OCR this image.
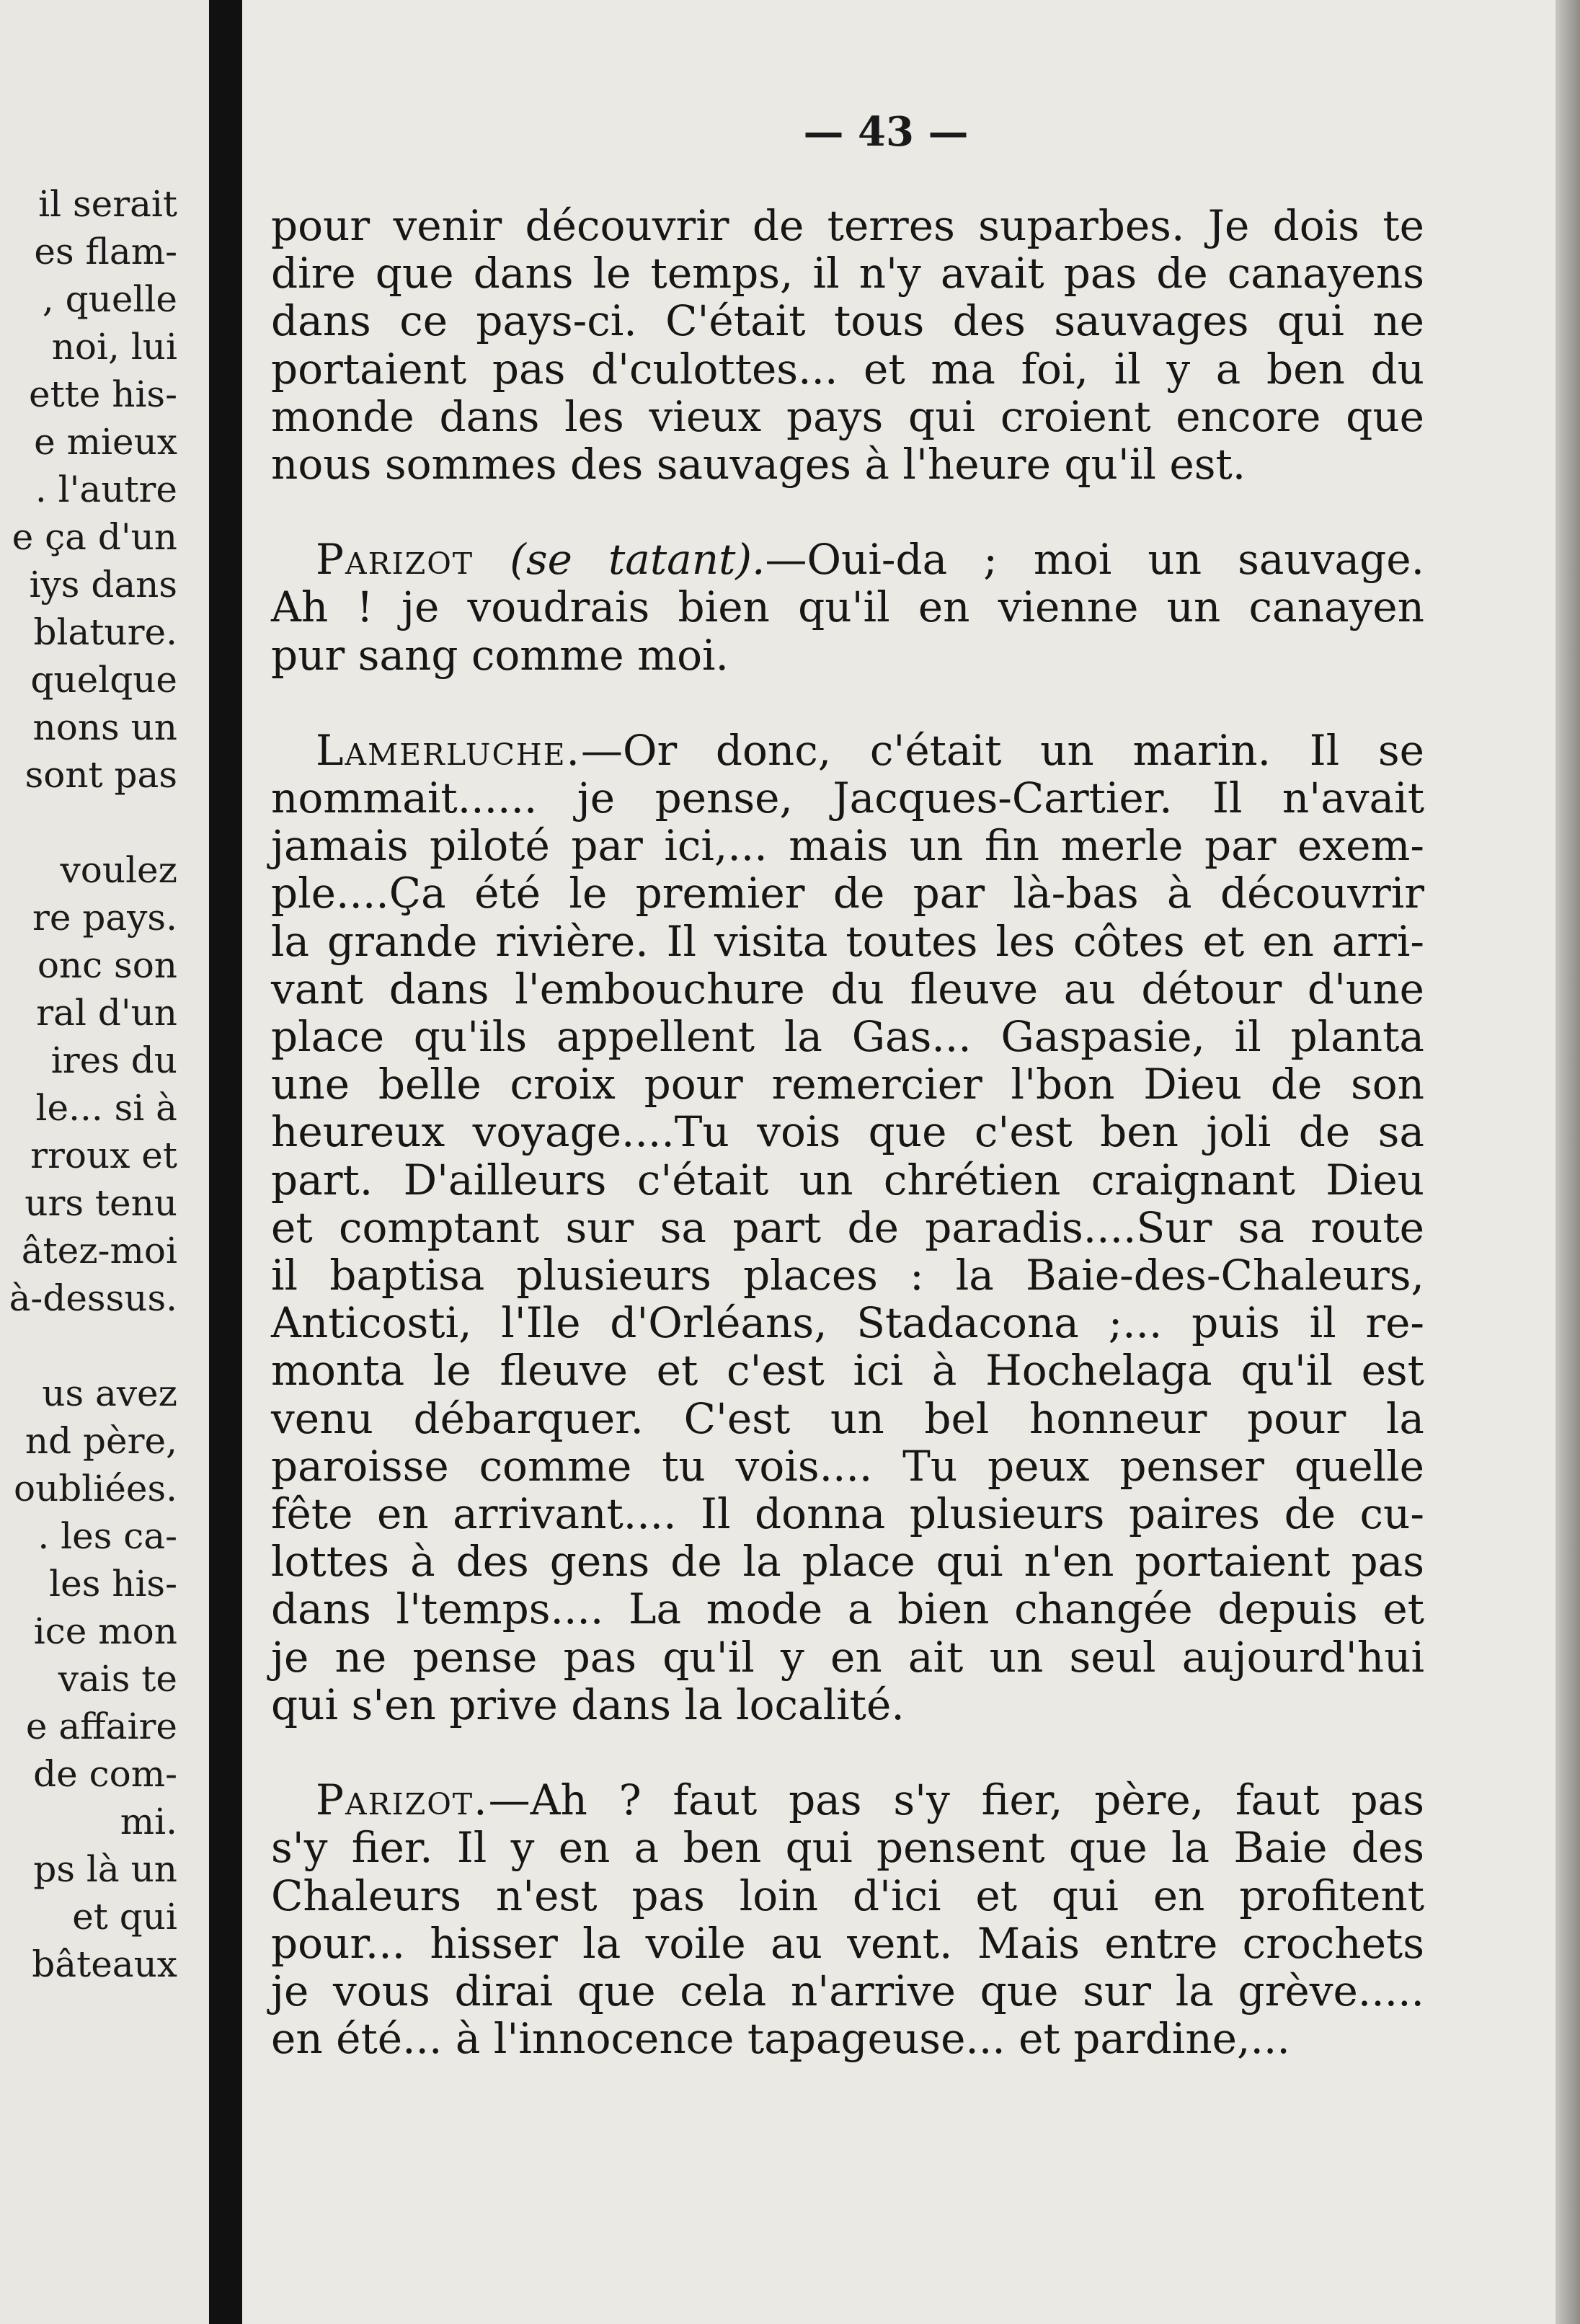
il serait
es flam-
, quelle
noi, lui
ette his-
e mieux
. l'autre
e ça d'un
iys dans
blature.
quelque
nons un
sont pas

voulez
re pays.
onc son
ral d'un
ires du
le... si à
rroux et
urs tenu
âtez-moi
à-dessus.

us avez
nd père,
oubliées.
. les ca-
les his-
ice mon
vais te
e affaire
de com-
mi.
ps là un
et qui
bâteaux
— 43 —
pour venir découvrir de terres suparbes. Je dois te
dire que dans le temps, il n'y avait pas de canayens
dans ce pays-ci. C'était tous des sauvages qui ne
portaient pas d'culottes... et ma foi, il y a ben du
monde dans les vieux pays qui croient encore que
nous sommes des sauvages à l'heure qu'il est.
Parizot (se tatant).—Oui-da ; moi un sauvage.
Ah ! je voudrais bien qu'il en vienne un canayen
pur sang comme moi.
Lamerluche.—Or donc, c'était un marin. Il se
nommait...... je pense, Jacques-Cartier. Il n'avait
jamais piloté par ici,... mais un fin merle par exem-
ple....Ça été le premier de par là-bas à découvrir
la grande rivière. Il visita toutes les côtes et en arri-
vant dans l'embouchure du fleuve au détour d'une
place qu'ils appellent la Gas... Gaspasie, il planta
une belle croix pour remercier l'bon Dieu de son
heureux voyage....Tu vois que c'est ben joli de sa
part. D'ailleurs c'était un chrétien craignant Dieu
et comptant sur sa part de paradis....Sur sa route
il baptisa plusieurs places : la Baie-des-Chaleurs,
Anticosti, l'Ile d'Orléans, Stadacona ;... puis il re-
monta le fleuve et c'est ici à Hochelaga qu'il est
venu débarquer. C'est un bel honneur pour la
paroisse comme tu vois.... Tu peux penser quelle
fête en arrivant.... Il donna plusieurs paires de cu-
lottes à des gens de la place qui n'en portaient pas
dans l'temps.... La mode a bien changée depuis et
je ne pense pas qu'il y en ait un seul aujourd'hui
qui s'en prive dans la localité.
Parizot.—Ah ? faut pas s'y fier, père, faut pas
s'y fier. Il y en a ben qui pensent que la Baie des
Chaleurs n'est pas loin d'ici et qui en profitent
pour... hisser la voile au vent. Mais entre crochets
je vous dirai que cela n'arrive que sur la grève.....
en été... à l'innocence tapageuse... et pardine,...
